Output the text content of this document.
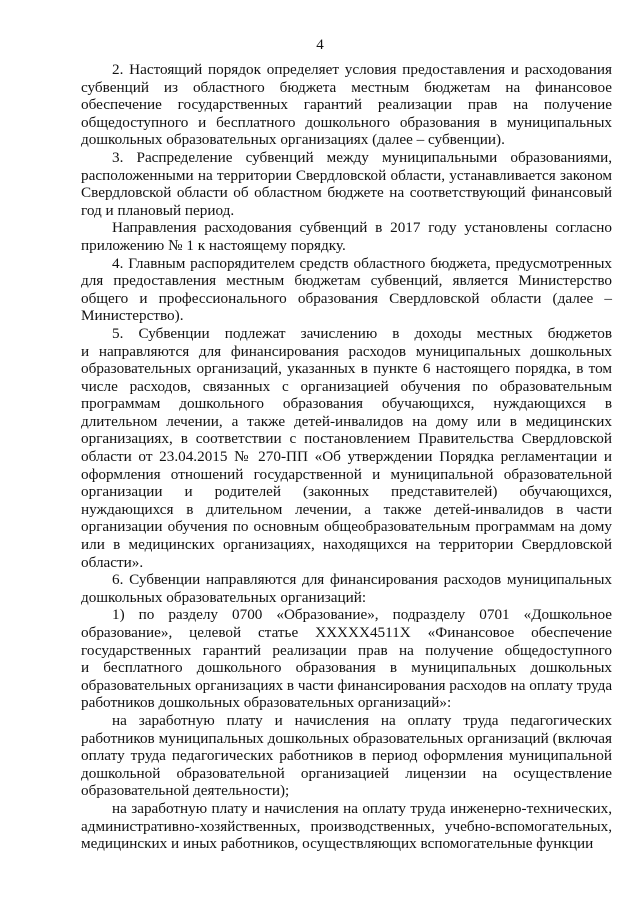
4
2. Настоящий порядок определяет условия предоставления и расходования
субвенций из областного бюджета местным бюджетам на финансовое
обеспечение государственных гарантий реализации прав на получение
общедоступного и бесплатного дошкольного образования в муниципальных
дошкольных образовательных организациях (далее – субвенции).
3. Распределение субвенций между муниципальными образованиями,
расположенными на территории Свердловской области, устанавливается законом
Свердловской области об областном бюджете на соответствующий финансовый
год и плановый период.
Направления расходования субвенций в 2017 году установлены согласно
приложению № 1 к настоящему порядку.
4. Главным распорядителем средств областного бюджета, предусмотренных
для предоставления местным бюджетам субвенций, является Министерство
общего и профессионального образования Свердловской области (далее –
Министерство).
5. Субвенции подлежат зачислению в доходы местных бюджетов
и направляются для финансирования расходов муниципальных дошкольных
образовательных организаций, указанных в пункте 6 настоящего порядка, в том
числе расходов, связанных с организацией обучения по образовательным
программам дошкольного образования обучающихся, нуждающихся в
длительном лечении, а также детей-инвалидов на дому или в медицинских
организациях, в соответствии с постановлением Правительства Свердловской
области от 23.04.2015 № 270-ПП «Об утверждении Порядка регламентации и
оформления отношений государственной и муниципальной образовательной
организации и родителей (законных представителей) обучающихся,
нуждающихся в длительном лечении, а также детей-инвалидов в части
организации обучения по основным общеобразовательным программам на дому
или в медицинских организациях, находящихся на территории Свердловской
области».
6. Субвенции направляются для финансирования расходов муниципальных
дошкольных образовательных организаций:
1) по разделу 0700 «Образование», подразделу 0701 «Дошкольное
образование», целевой статье XXXXX4511X «Финансовое обеспечение
государственных гарантий реализации прав на получение общедоступного
и бесплатного дошкольного образования в муниципальных дошкольных
образовательных организациях в части финансирования расходов на оплату труда
работников дошкольных образовательных организаций»:
на заработную плату и начисления на оплату труда педагогических
работников муниципальных дошкольных образовательных организаций (включая
оплату труда педагогических работников в период оформления муниципальной
дошкольной образовательной организацией лицензии на осуществление
образовательной деятельности);
на заработную плату и начисления на оплату труда инженерно-технических,
административно-хозяйственных, производственных, учебно-вспомогательных,
медицинских и иных работников, осуществляющих вспомогательные функции
